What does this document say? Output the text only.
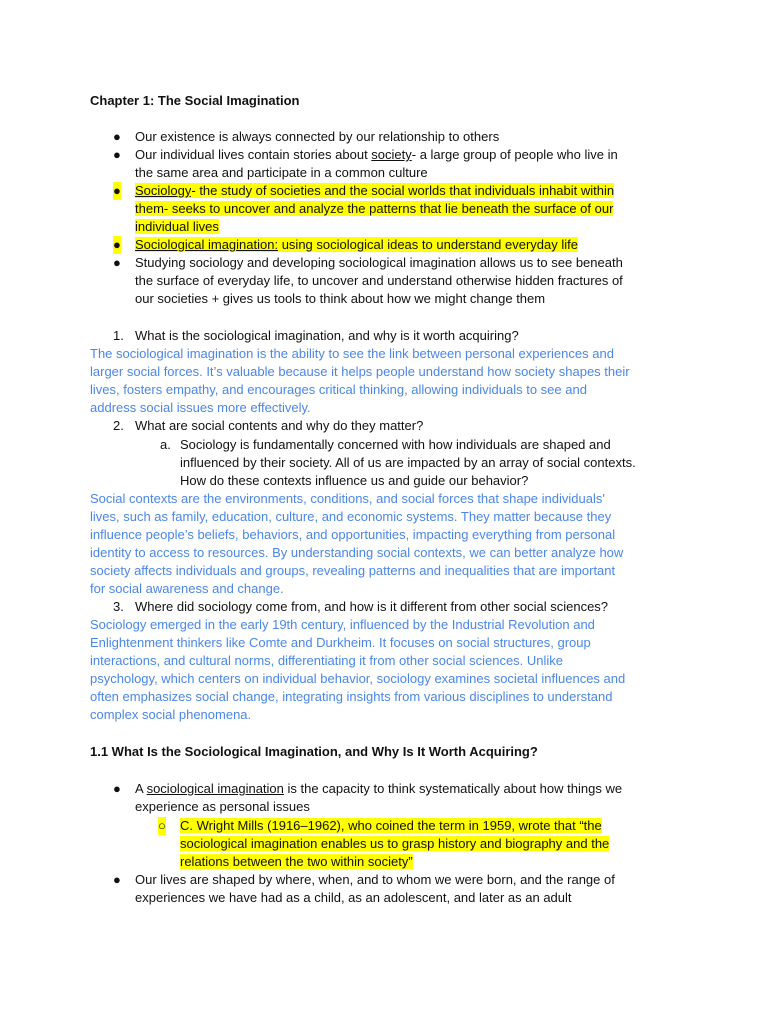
Chapter 1: The Social Imagination
● Our existence is always connected by our relationship to others
● Our individual lives contain stories about society- a large group of people who live in
the same area and participate in a common culture
● Sociology- the study of societies and the social worlds that individuals inhabit within
them- seeks to uncover and analyze the patterns that lie beneath the surface of our
individual lives
● Sociological imagination: using sociological ideas to understand everyday life
● Studying sociology and developing sociological imagination allows us to see beneath
the surface of everyday life, to uncover and understand otherwise hidden fractures of
our societies + gives us tools to think about how we might change them
1. What is the sociological imagination, and why is it worth acquiring?
The sociological imagination is the ability to see the link between personal experiences and
larger social forces. It’s valuable because it helps people understand how society shapes their
lives, fosters empathy, and encourages critical thinking, allowing individuals to see and
address social issues more effectively.
2. What are social contents and why do they matter?
a. Sociology is fundamentally concerned with how individuals are shaped and
influenced by their society. All of us are impacted by an array of social contexts.
How do these contexts influence us and guide our behavior?
Social contexts are the environments, conditions, and social forces that shape individuals'
lives, such as family, education, culture, and economic systems. They matter because they
influence people’s beliefs, behaviors, and opportunities, impacting everything from personal
identity to access to resources. By understanding social contexts, we can better analyze how
society affects individuals and groups, revealing patterns and inequalities that are important
for social awareness and change.
3. Where did sociology come from, and how is it different from other social sciences?
Sociology emerged in the early 19th century, influenced by the Industrial Revolution and
Enlightenment thinkers like Comte and Durkheim. It focuses on social structures, group
interactions, and cultural norms, differentiating it from other social sciences. Unlike
psychology, which centers on individual behavior, sociology examines societal influences and
often emphasizes social change, integrating insights from various disciplines to understand
complex social phenomena.
1.1 What Is the Sociological Imagination, and Why Is It Worth Acquiring?
● A sociological imagination is the capacity to think systematically about how things we
experience as personal issues
○ C. Wright Mills (1916–1962), who coined the term in 1959, wrote that “the
sociological imagination enables us to grasp history and biography and the
relations between the two within society”
● Our lives are shaped by where, when, and to whom we were born, and the range of
experiences we have had as a child, as an adolescent, and later as an adult
